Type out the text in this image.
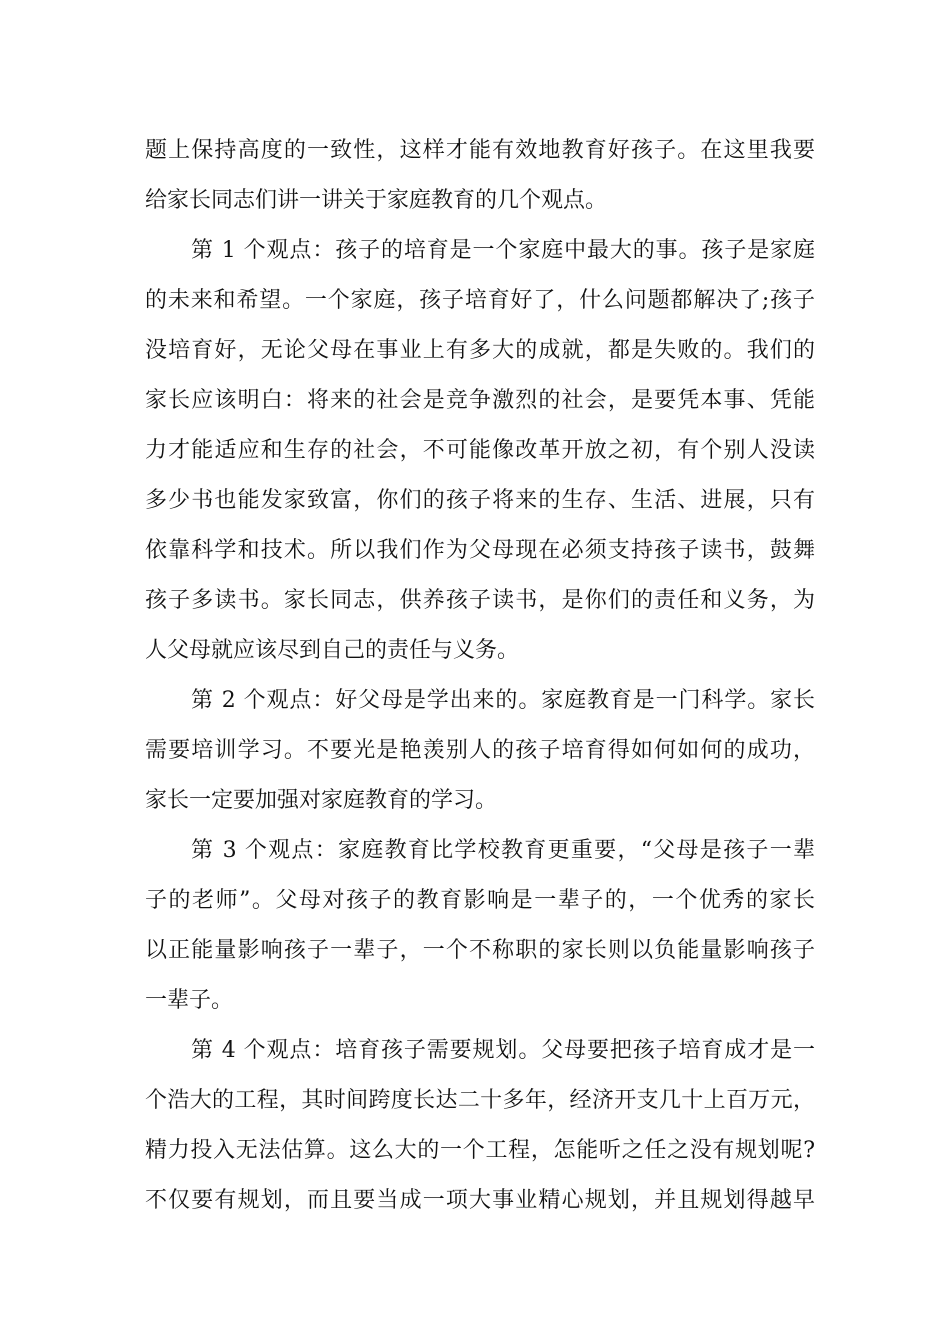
题上保持高度的一致性，这样才能有效地教育好孩子。在这里我要
给家长同志们讲一讲关于家庭教育的几个观点。
第 1 个观点：孩子的培育是一个家庭中最大的事。孩子是家庭
的未来和希望。一个家庭，孩子培育好了，什么问题都解决了;孩子
没培育好，无论父母在事业上有多大的成就，都是失败的。我们的
家长应该明白：将来的社会是竞争激烈的社会，是要凭本事、凭能
力才能适应和生存的社会，不可能像改革开放之初，有个别人没读
多少书也能发家致富，你们的孩子将来的生存、生活、进展，只有
依靠科学和技术。所以我们作为父母现在必须支持孩子读书，鼓舞
孩子多读书。家长同志，供养孩子读书，是你们的责任和义务，为
人父母就应该尽到自己的责任与义务。
第 2 个观点：好父母是学出来的。家庭教育是一门科学。家长
需要培训学习。不要光是艳羡别人的孩子培育得如何如何的成功，
家长一定要加强对家庭教育的学习。
第 3 个观点：家庭教育比学校教育更重要，“父母是孩子一辈
子的老师”。父母对孩子的教育影响是一辈子的，一个优秀的家长
以正能量影响孩子一辈子，一个不称职的家长则以负能量影响孩子
一辈子。
第 4 个观点：培育孩子需要规划。父母要把孩子培育成才是一
个浩大的工程，其时间跨度长达二十多年，经济开支几十上百万元，
精力投入无法估算。这么大的一个工程，怎能听之任之没有规划呢?
不仅要有规划，而且要当成一项大事业精心规划，并且规划得越早
